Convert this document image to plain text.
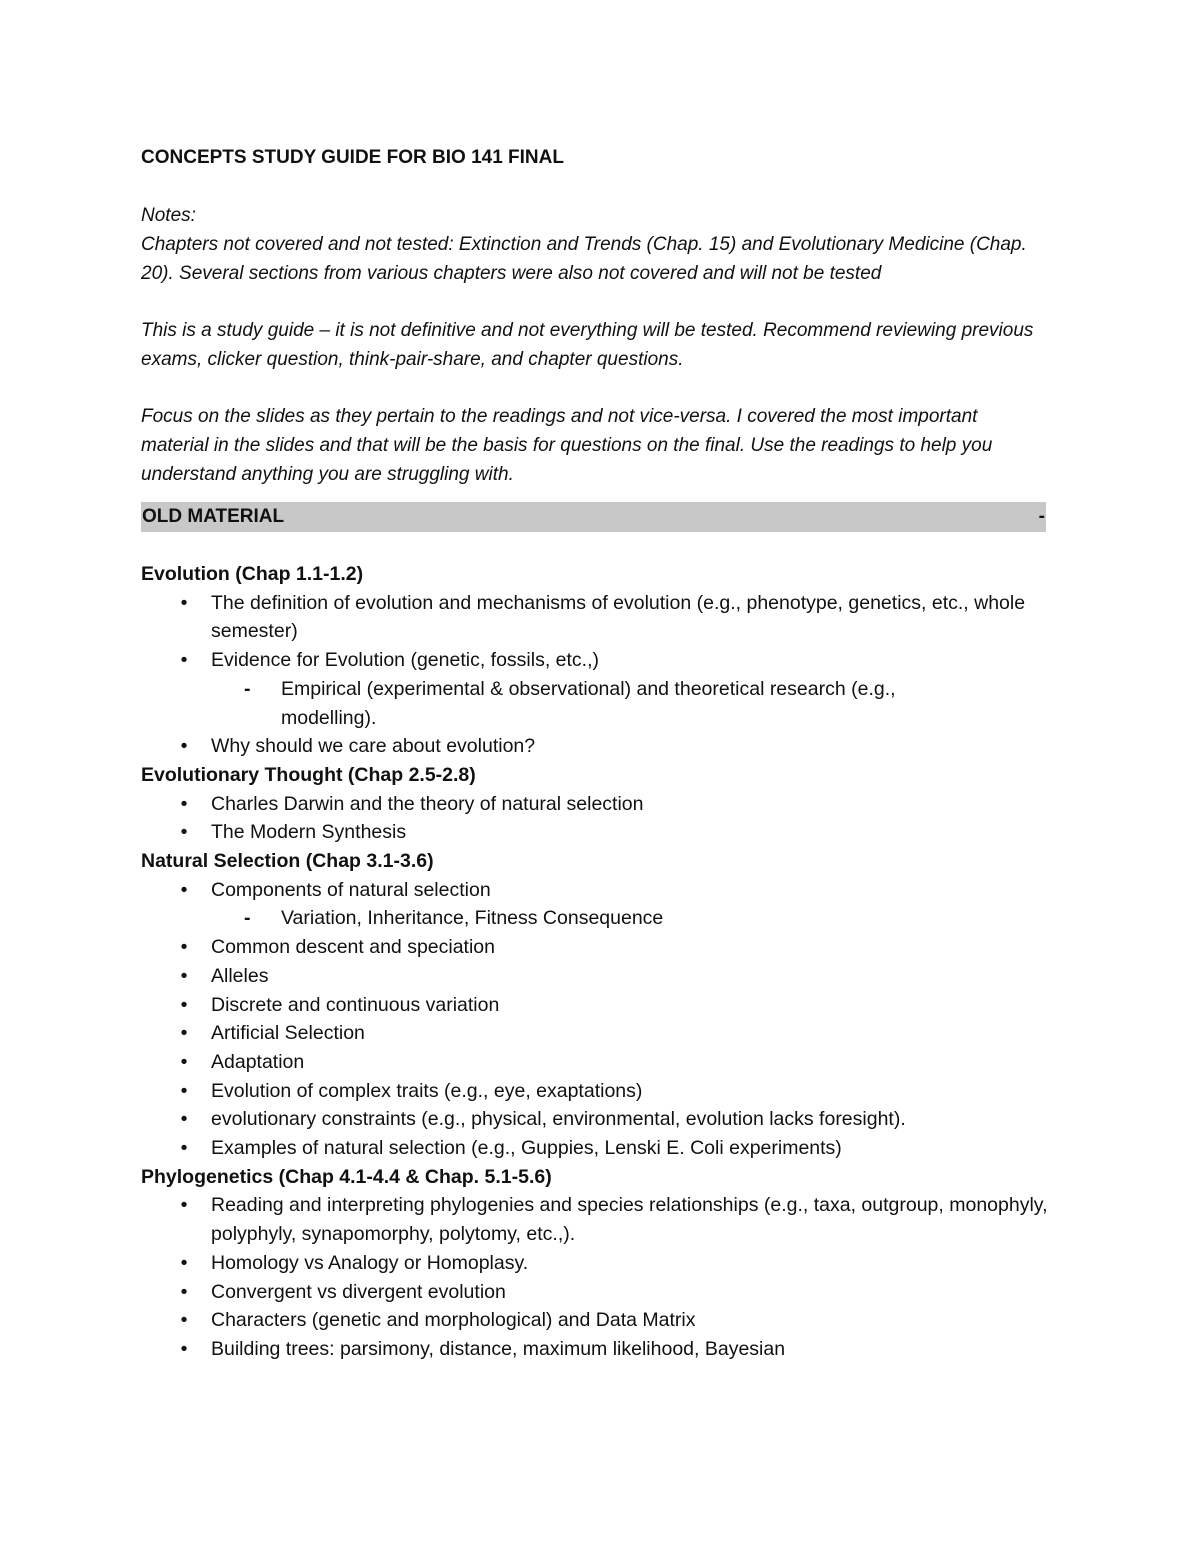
CONCEPTS STUDY GUIDE FOR BIO 141 FINAL

Notes:

Chapters not covered and not tested: Extinction and Trends (Chap. 15) and Evolutionary Medicine (Chap. 20). Several sections from various chapters were also not covered and will not be tested

This is a study guide – it is not definitive and not everything will be tested. Recommend reviewing previous exams, clicker question, think-pair-share, and chapter questions.

Focus on the slides as they pertain to the readings and not vice-versa. I covered the most important material in the slides and that will be the basis for questions on the final. Use the readings to help you understand anything you are struggling with.

OLD MATERIAL	-

Evolution (Chap 1.1-1.2)

•	The definition of evolution and mechanisms of evolution (e.g., phenotype, genetics, etc., whole semester)
•	Evidence for Evolution (genetic, fossils, etc.,)
- Empirical (experimental & observational) and theoretical research (e.g., modelling).
•	Why should we care about evolution?

Evolutionary Thought (Chap 2.5-2.8)

•	Charles Darwin and the theory of natural selection
•	The Modern Synthesis

Natural Selection (Chap 3.1-3.6)

•	Components of natural selection
- Variation, Inheritance, Fitness Consequence
•	Common descent and speciation
•	Alleles
•	Discrete and continuous variation
•	Artificial Selection
•	Adaptation
•	Evolution of complex traits (e.g., eye, exaptations)
•	evolutionary constraints (e.g., physical, environmental, evolution lacks foresight).
•	Examples of natural selection (e.g., Guppies, Lenski E. Coli experiments)

Phylogenetics (Chap 4.1-4.4 & Chap. 5.1-5.6)

•	Reading and interpreting phylogenies and species relationships (e.g., taxa, outgroup, monophyly, polyphyly, synapomorphy, polytomy, etc.,).
•	Homology vs Analogy or Homoplasy.
•	Convergent vs divergent evolution
•	Characters (genetic and morphological) and Data Matrix
•	Building trees: parsimony, distance, maximum likelihood, Bayesian
